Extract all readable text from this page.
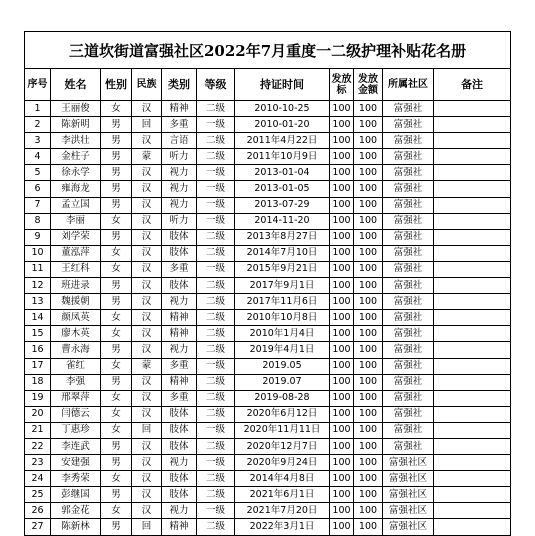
三道坎街道富强社区2022年7月重度一二级护理补贴花名册										
序号	姓名	性别	民族	类别	等级	持证时间	发放标	发放金额	所属社区	备注
1	王丽俊	女	汉	精神	二级	2010-10-25	100	100	富强社	
2	陈新明	男	回	多重	一级	2010-01-20	100	100	富强社	
3	李洪壮	男	汉	言语	二级	2011年4月22日	100	100	富强社	
4	金柱子	男	蒙	听力	二级	2011年10月9日	100	100	富强社	
5	徐永学	男	汉	视力	一级	2013-01-04	100	100	富强社	
6	雍海龙	男	汉	视力	一级	2013-01-05	100	100	富强社	
7	孟立国	男	汉	视力	一级	2013-07-29	100	100	富强社	
8	李丽	女	汉	听力	一级	2014-11-20	100	100	富强社	
9	刘学荣	男	汉	肢体	二级	2013年8月27日	100	100	富强社	
10	董泓萍	女	汉	肢体	二级	2014年7月10日	100	100	富强社	
11	王红科	女	汉	多重	一级	2015年9月21日	100	100	富强社	
12	班进录	男	汉	肢体	二级	2017年9月1日	100	100	富强社	
13	魏援朝	男	汉	视力	二级	2017年11月6日	100	100	富强社	
14	颜凤英	女	汉	精神	二级	2010年10月8日	100	100	富强社	
15	廖木英	女	汉	精神	二级	2010年1月4日	100	100	富强社	
16	曹永海	男	汉	视力	二级	2019年4月1日	100	100	富强社	
17	雀红	女	蒙	多重	一级	2019.05	100	100	富强社	
18	李强	男	汉	精神	二级	2019.07	100	100	富强社	
19	邢翠萍	女	汉	多重	二级	2019-08-28	100	100	富强社	
20	闫德云	女	汉	肢体	二级	2020年6月12日	100	100	富强社	
21	丁惠珍	女	回	肢体	一级	2020年11月11日	100	100	富强社	
22	李连武	男	汉	肢体	二级	2020年12月7日	100	100	富强社	
23	安建强	男	汉	视力	一级	2020年9月24日	100	100	富强社区	
24	李秀荣	女	汉	肢体	二级	2014年4月8日	100	100	富强社区	
25	彭继国	男	汉	肢体	二级	2021年6月1日	100	100	富强社区	
26	郭金花	女	汉	视力	一级	2021年7月20日	100	100	富强社区	
27	陈新林	男	回	精神	二级	2022年3月1日	100	100	富强社区	
